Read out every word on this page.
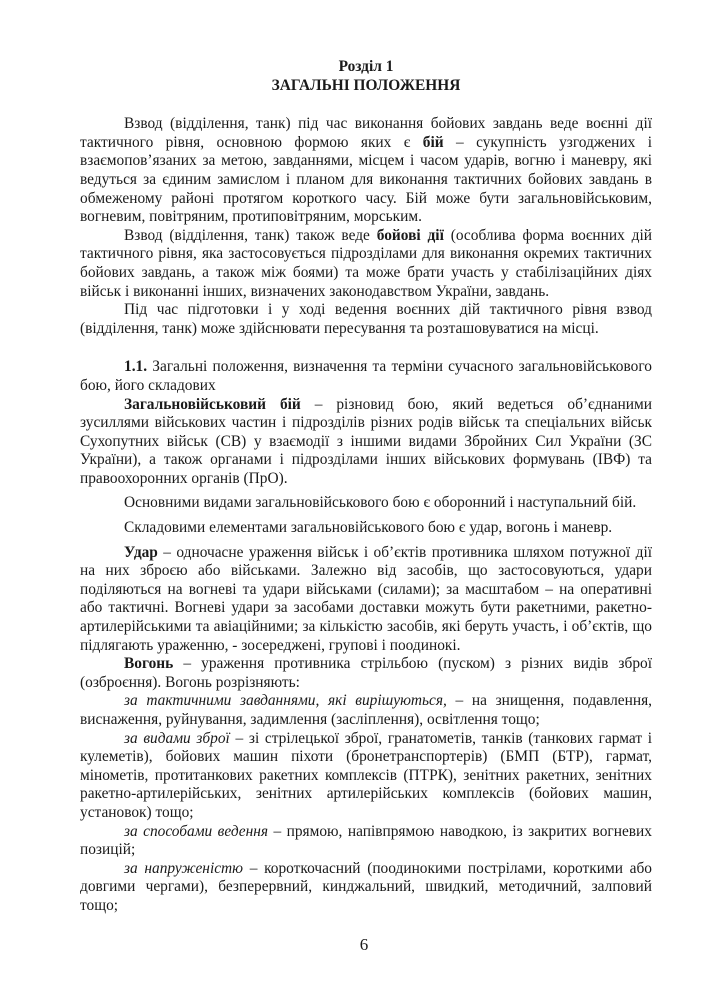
Розділ 1
ЗАГАЛЬНІ ПОЛОЖЕННЯ

Взвод (відділення, танк) під час виконання бойових завдань веде воєнні дії тактичного рівня, основною формою яких є бій – сукупність узгоджених і взаємопов’язаних за метою, завданнями, місцем і часом ударів, вогню і маневру, які ведуться за єдиним замислом і планом для виконання тактичних бойових завдань в обмеженому районі протягом короткого часу. Бій може бути загальновійськовим, вогневим, повітряним, протиповітряним, морським.

Взвод (відділення, танк) також веде бойові дії (особлива форма воєнних дій тактичного рівня, яка застосовується підрозділами для виконання окремих тактичних бойових завдань, а також між боями) та може брати участь у стабілізаційних діях військ і виконанні інших, визначених законодавством України, завдань.

Під час підготовки і у ході ведення воєнних дій тактичного рівня взвод (відділення, танк) може здійснювати пересування та розташовуватися на місці.

1.1. Загальні положення, визначення та терміни сучасного загальновійськового бою, його складових

Загальновійськовий бій – різновид бою, який ведеться об’єднаними зусиллями військових частин і підрозділів різних родів військ та спеціальних військ Сухопутних військ (СВ) у взаємодії з іншими видами Збройних Сил України (ЗС України), а також органами і підрозділами інших військових формувань (ІВФ) та правоохоронних органів (ПрО).

Основними видами загальновійськового бою є оборонний і наступальний бій.

Складовими елементами загальновійськового бою є удар, вогонь і маневр.

Удар – одночасне ураження військ і об’єктів противника шляхом потужної дії на них зброєю або військами. Залежно від засобів, що застосовуються, удари поділяються на вогневі та удари військами (силами); за масштабом – на оперативні або тактичні. Вогневі удари за засобами доставки можуть бути ракетними, ракетно-артилерійськими та авіаційними; за кількістю засобів, які беруть участь, і об’єктів, що підлягають ураженню, - зосереджені, групові і поодинокі.

Вогонь – ураження противника стрільбою (пуском) з різних видів зброї (озброєння). Вогонь розрізняють:

за тактичними завданнями, які вирішуються, – на знищення, подавлення, виснаження, руйнування, задимлення (засліплення), освітлення тощо;

за видами зброї – зі стрілецької зброї, гранатометів, танків (танкових гармат і кулеметів), бойових машин піхоти (бронетранспортерів) (БМП (БТР), гармат, мінометів, протитанкових ракетних комплексів (ПТРК), зенітних ракетних, зенітних ракетно-артилерійських, зенітних артилерійських комплексів (бойових машин, установок) тощо;

за способами ведення – прямою, напівпрямою наводкою, із закритих вогневих позицій;

за напруженістю – короткочасний (поодинокими пострілами, короткими або довгими чергами), безперервний, кинджальний, швидкий, методичний, залповий тощо;

6
